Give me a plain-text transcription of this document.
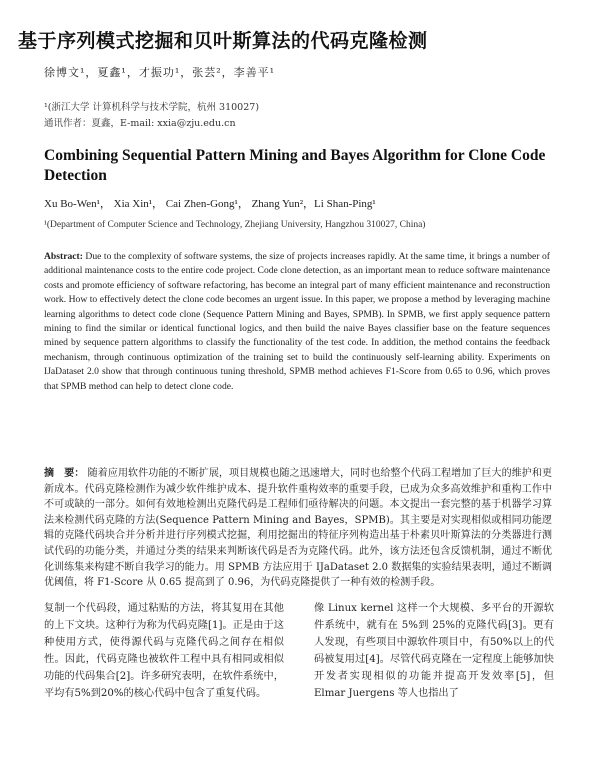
基于序列模式挖掘和贝叶斯算法的代码克隆检测
徐博文¹，夏鑫¹，才振功¹，张芸²，李善平¹
¹(浙江大学 计算机科学与技术学院，杭州 310027)
通讯作者：夏鑫，E-mail: xxia@zju.edu.cn
Combining Sequential Pattern Mining and Bayes Algorithm for Clone Code Detection
Xu Bo-Wen¹， Xia Xin¹， Cai Zhen-Gong¹， Zhang Yun²，Li Shan-Ping¹
¹(Department of Computer Science and Technology, Zhejiang University, Hangzhou 310027, China)
Abstract: Due to the complexity of software systems, the size of projects increases rapidly. At the same time, it brings a number of additional maintenance costs to the entire code project. Code clone detection, as an important mean to reduce software maintenance costs and promote efficiency of software refactoring, has become an integral part of many efficient maintenance and reconstruction work. How to effectively detect the clone code becomes an urgent issue. In this paper, we propose a method by leveraging machine learning algorithms to detect code clone (Sequence Pattern Mining and Bayes, SPMB). In SPMB, we first apply sequence pattern mining to find the similar or identical functional logics, and then build the naive Bayes classifier base on the feature sequences mined by sequence pattern algorithms to classify the functionality of the test code. In addition, the method contains the feedback mechanism, through continuous optimization of the training set to build the continuously self-learning ability. Experiments on IJaDataset 2.0 show that through continuous tuning threshold, SPMB method achieves F1-Score from 0.65 to 0.96, which proves that SPMB method can help to detect clone code.
摘　要： 随着应用软件功能的不断扩展，项目规模也随之迅速增大，同时也给整个代码工程增加了巨大的维护和更新成本。代码克隆检测作为减少软件维护成本、提升软件重构效率的重要手段，已成为众多高效维护和重构工作中不可或缺的一部分。如何有效地检测出克隆代码是工程师们亟待解决的问题。本文提出一套完整的基于机器学习算法来检测代码克隆的方法(Sequence Pattern Mining and Bayes，SPMB)。其主要是对实现相似或相同功能逻辑的克隆代码块合并分析并进行序列模式挖掘，利用挖掘出的特征序列构造出基于朴素贝叶斯算法的分类器进行测试代码的功能分类，并通过分类的结果来判断该代码是否为克隆代码。此外，该方法还包含反馈机制，通过不断优化训练集来构建不断自我学习的能力。用 SPMB 方法应用于 IJaDataset 2.0 数据集的实验结果表明，通过不断调优阈值，将 F1-Score 从 0.65 提高到了 0.96，为代码克隆提供了一种有效的检测手段。
复制一个代码段，通过粘贴的方法，将其复用在其他的上下文块。这种行为称为代码克隆[1]。正是由于这种使用方式，使得源代码与克隆代码之间存在相似性。因此，代码克隆也被软件工程中具有相同或相似功能的代码集合[2]。许多研究表明，在软件系统中，平均有5%到20%的核心代码中包含了重复代码。
像 Linux kernel 这样一个大规模、多平台的开源软件系统中，就有在 5%到 25%的克隆代码[3]。更有人发现，有些项目中源软件项目中，有50%以上的代码被复用过[4]。尽管代码克隆在一定程度上能够加快开发者实现相似的功能并提高开发效率[5]，但 Elmar Juergens 等人也指出了
